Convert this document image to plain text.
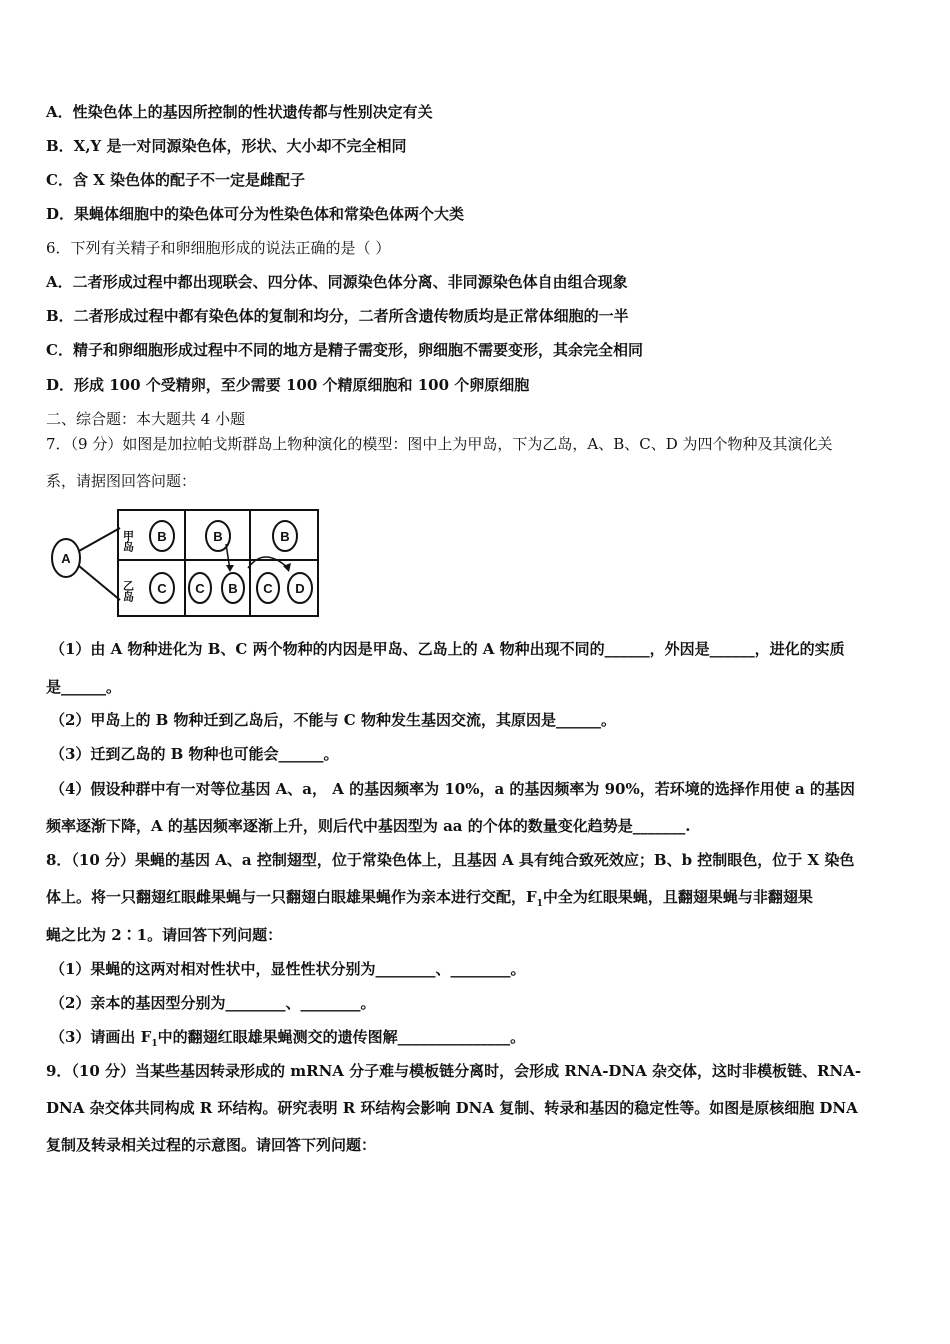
A．性染色体上的基因所控制的性状遗传都与性别决定有关
B．X,Y 是一对同源染色体，形状、大小却不完全相同
C．含 X 染色体的配子不一定是雌配子
D．果蝇体细胞中的染色体可分为性染色体和常染色体两个大类
6．下列有关精子和卵细胞形成的说法正确的是（ ）
A．二者形成过程中都出现联会、四分体、同源染色体分离、非同源染色体自由组合现象
B．二者形成过程中都有染色体的复制和均分，二者所含遗传物质均是正常体细胞的一半
C．精子和卵细胞形成过程中不同的地方是精子需变形，卵细胞不需要变形，其余完全相同
D．形成 100 个受精卵，至少需要 100 个精原细胞和 100 个卵原细胞
二、综合题：本大题共 4 小题
7．（9 分）如图是加拉帕戈斯群岛上物种演化的模型：图中上为甲岛，下为乙岛，A、B、C、D 为四个物种及其演化关
系，请据图回答问题：
A
B	B	B
C C B C D
甲岛
乙岛
（1）由 A 物种进化为 B、C 两个物种的内因是甲岛、乙岛上的 A 物种出现不同的______，外因是______，进化的实质
是______。
（2）甲岛上的 B 物种迁到乙岛后，不能与 C 物种发生基因交流，其原因是______。
（3）迁到乙岛的 B 物种也可能会______。
（4）假设种群中有一对等位基因 A、a， A 的基因频率为 10%，a 的基因频率为 90%，若环境的选择作用使 a 的基因
频率逐渐下降，A 的基因频率逐渐上升，则后代中基因型为 aa 的个体的数量变化趋势是_______.
8．（10 分）果蝇的基因 A、a 控制翅型，位于常染色体上，且基因 A 具有纯合致死效应；B、b 控制眼色，位于 X 染色
体上。将一只翻翅红眼雌果蝇与一只翻翅白眼雄果蝇作为亲本进行交配，$F_1$中全为红眼果蝇，且翻翅果蝇与非翻翅果
蝇之比为 2∶1。请回答下列问题：
（1）果蝇的这两对相对性状中，显性性状分别为________、________。
（2）亲本的基因型分别为________、________。
（3）请画出 $F_1$中的翻翅红眼雄果蝇测交的遗传图解_______________。
9．（10 分）当某些基因转录形成的 mRNA 分子难与模板链分离时，会形成 RNA-DNA 杂交体，这时非模板链、RNA-
DNA 杂交体共同构成 R 环结构。研究表明 R 环结构会影响 DNA 复制、转录和基因的稳定性等。如图是原核细胞 DNA
复制及转录相关过程的示意图。请回答下列问题：
